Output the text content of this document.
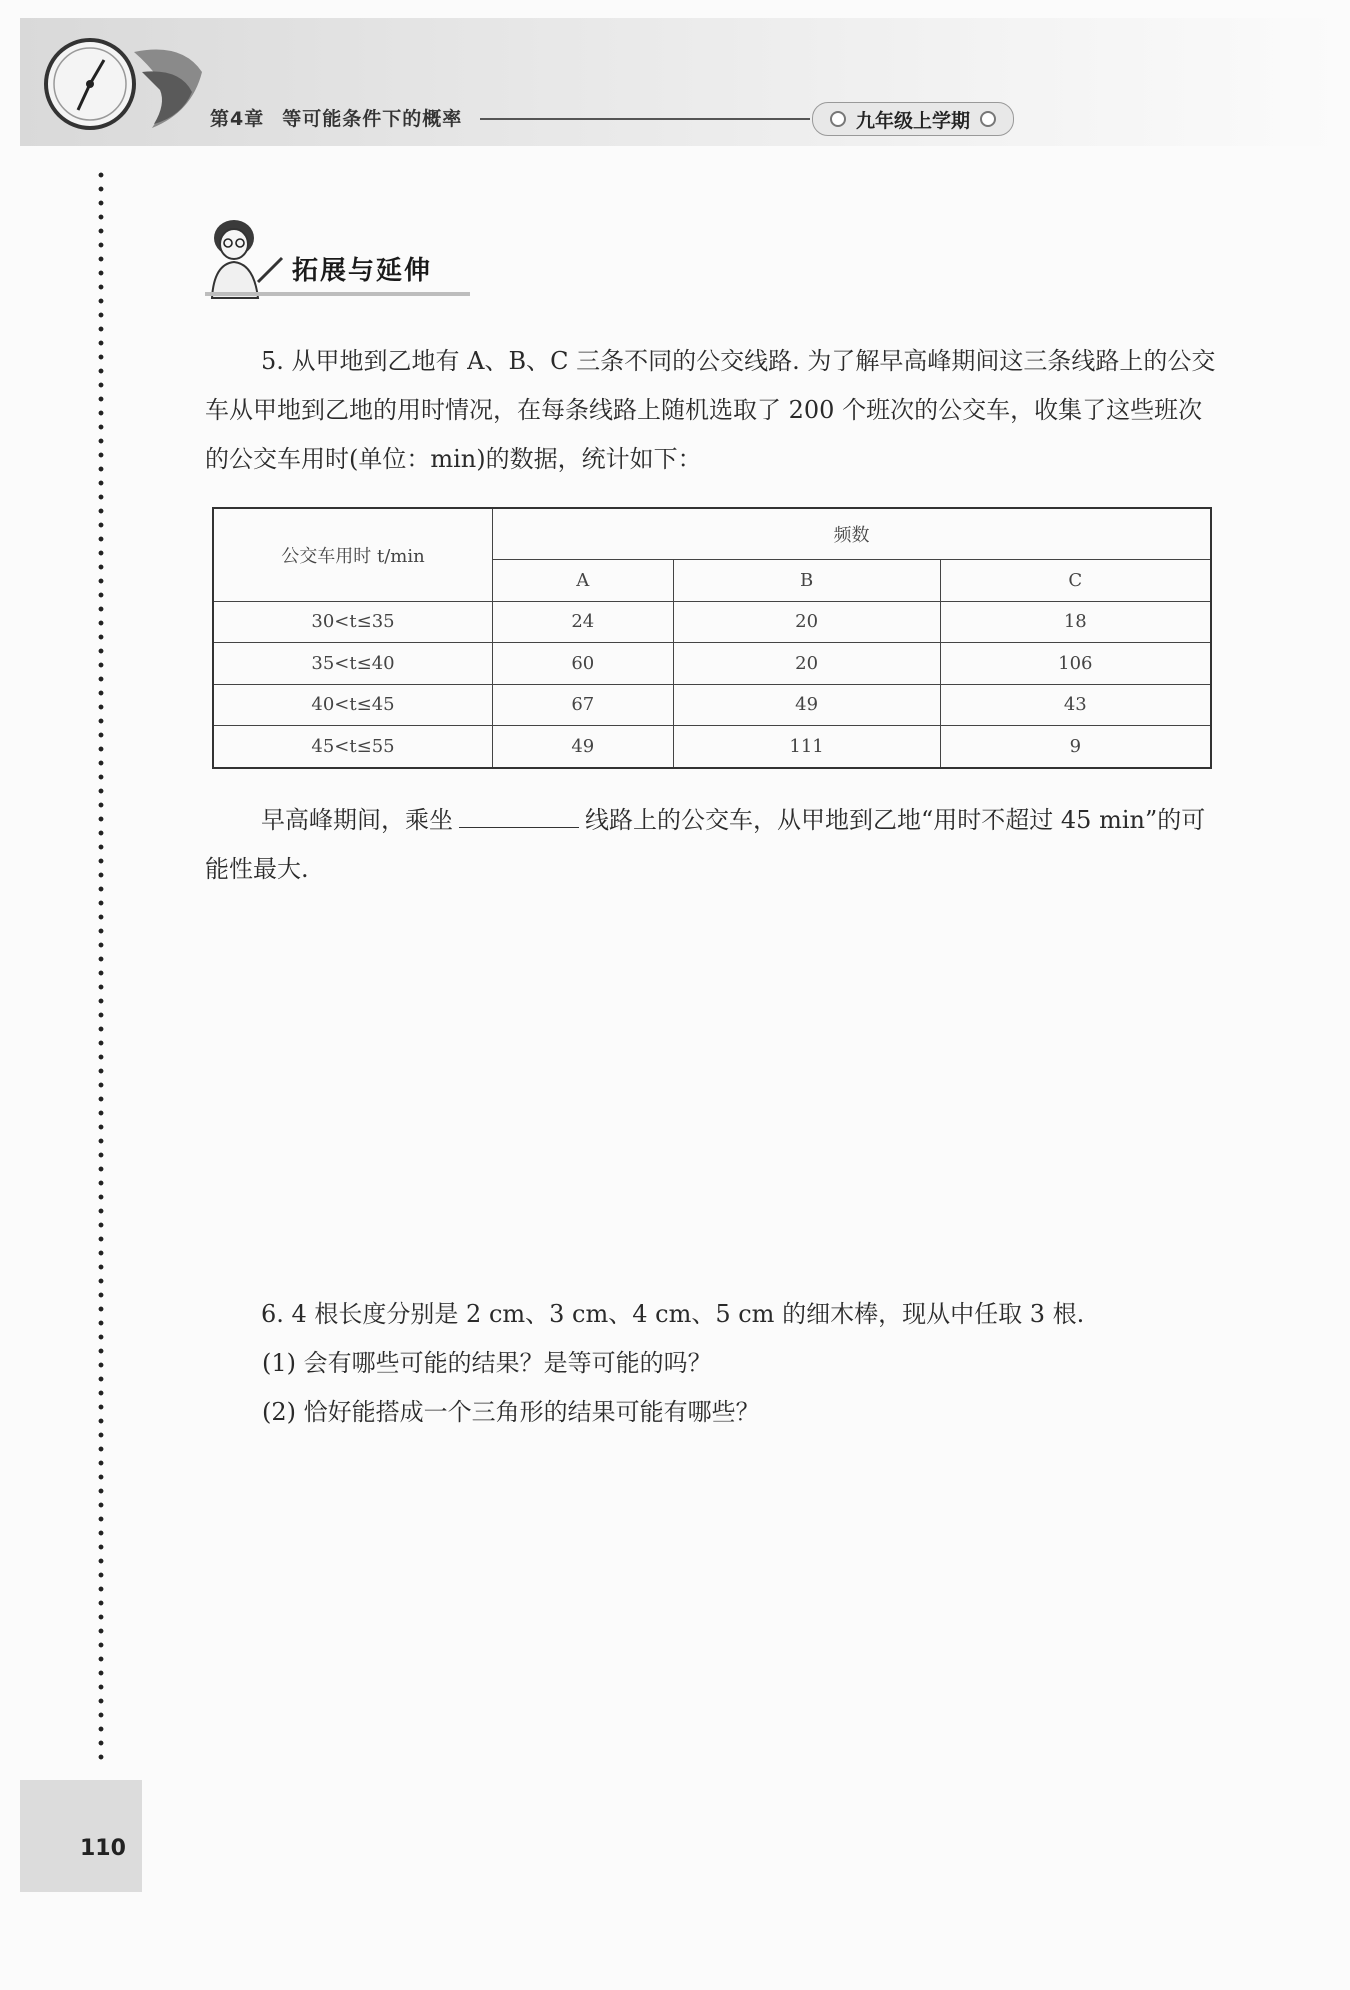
第4章 等可能条件下的概率	九年级上学期
拓展与延伸
5. 从甲地到乙地有 A、B、C 三条不同的公交线路. 为了解早高峰期间这三条线路上的公交车从甲地到乙地的用时情况，在每条线路上随机选取了 200 个班次的公交车，收集了这些班次的公交车用时(单位：min)的数据，统计如下：
公交车用时 t/min	频数		
	A	B	C
30<t≤35	24	20	18
35<t≤40	60	20	106
40<t≤45	67	49	43
45<t≤55	49	111	9
早高峰期间，乘坐	线路上的公交车，从甲地到乙地“用时不超过 45 min”的可能性最大.
6. 4 根长度分别是 2 cm、3 cm、4 cm、5 cm 的细木棒，现从中任取 3 根.
(1) 会有哪些可能的结果？是等可能的吗？
(2) 恰好能搭成一个三角形的结果可能有哪些？
110
